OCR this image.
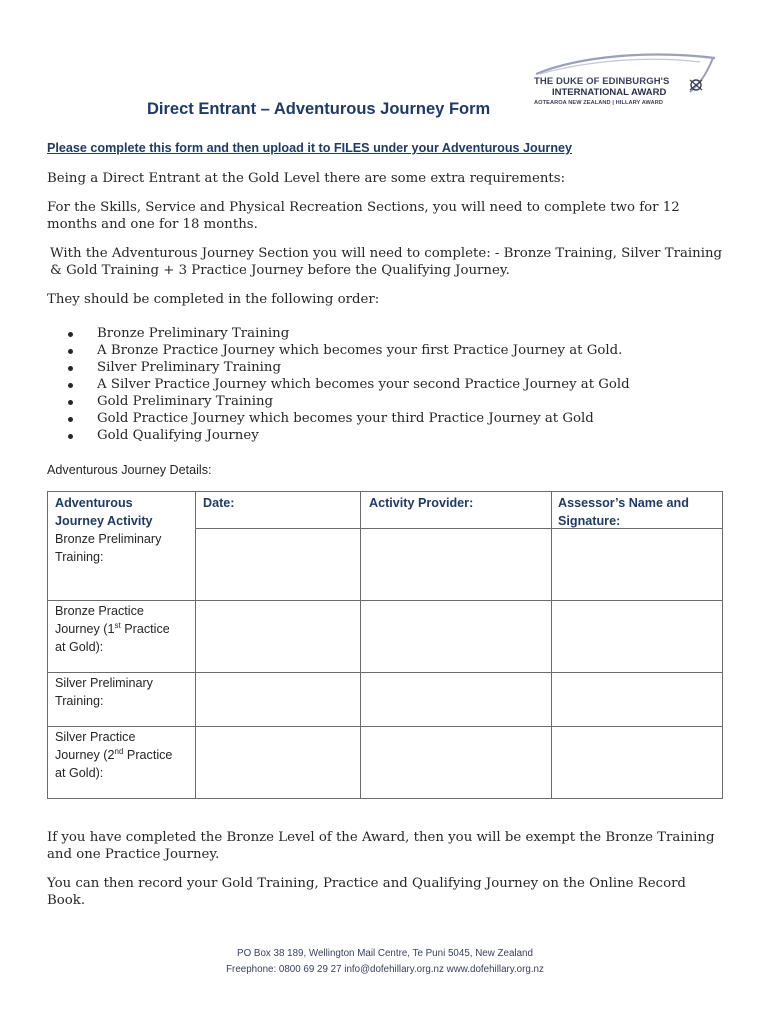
THE DUKE OF EDINBURGH'S
INTERNATIONAL AWARD
AOTEAROA NEW ZEALAND | HILLARY AWARD
Direct Entrant – Adventurous Journey Form
Please complete this form and then upload it to FILES under your Adventurous Journey
Being a Direct Entrant at the Gold Level there are some extra requirements:
For the Skills, Service and Physical Recreation Sections, you will need to complete two for 12 months and one for 18 months.
With the Adventurous Journey Section you will need to complete: - Bronze Training, Silver Training & Gold Training + 3 Practice Journey before the Qualifying Journey.
They should be completed in the following order:
Bronze Preliminary Training
A Bronze Practice Journey which becomes your first Practice Journey at Gold.
Silver Preliminary Training
A Silver Practice Journey which becomes your second Practice Journey at Gold
Gold Preliminary Training
Gold Practice Journey which becomes your third Practice Journey at Gold
Gold Qualifying Journey
Adventurous Journey Details:
Adventurous
Journey Activity
Date:	Activity Provider:	Assessor’s Name and
Signature:
Bronze Preliminary
Training:
Bronze Practice
Journey (1st Practice
at Gold):
Silver Preliminary
Training:
Silver Practice
Journey (2nd Practice
at Gold):
If you have completed the Bronze Level of the Award, then you will be exempt the Bronze Training and one Practice Journey.
You can then record your Gold Training, Practice and Qualifying Journey on the Online Record Book.
PO Box 38 189, Wellington Mail Centre, Te Puni 5045, New Zealand
Freephone: 0800 69 29 27 info@dofehillary.org.nz www.dofehillary.org.nz
